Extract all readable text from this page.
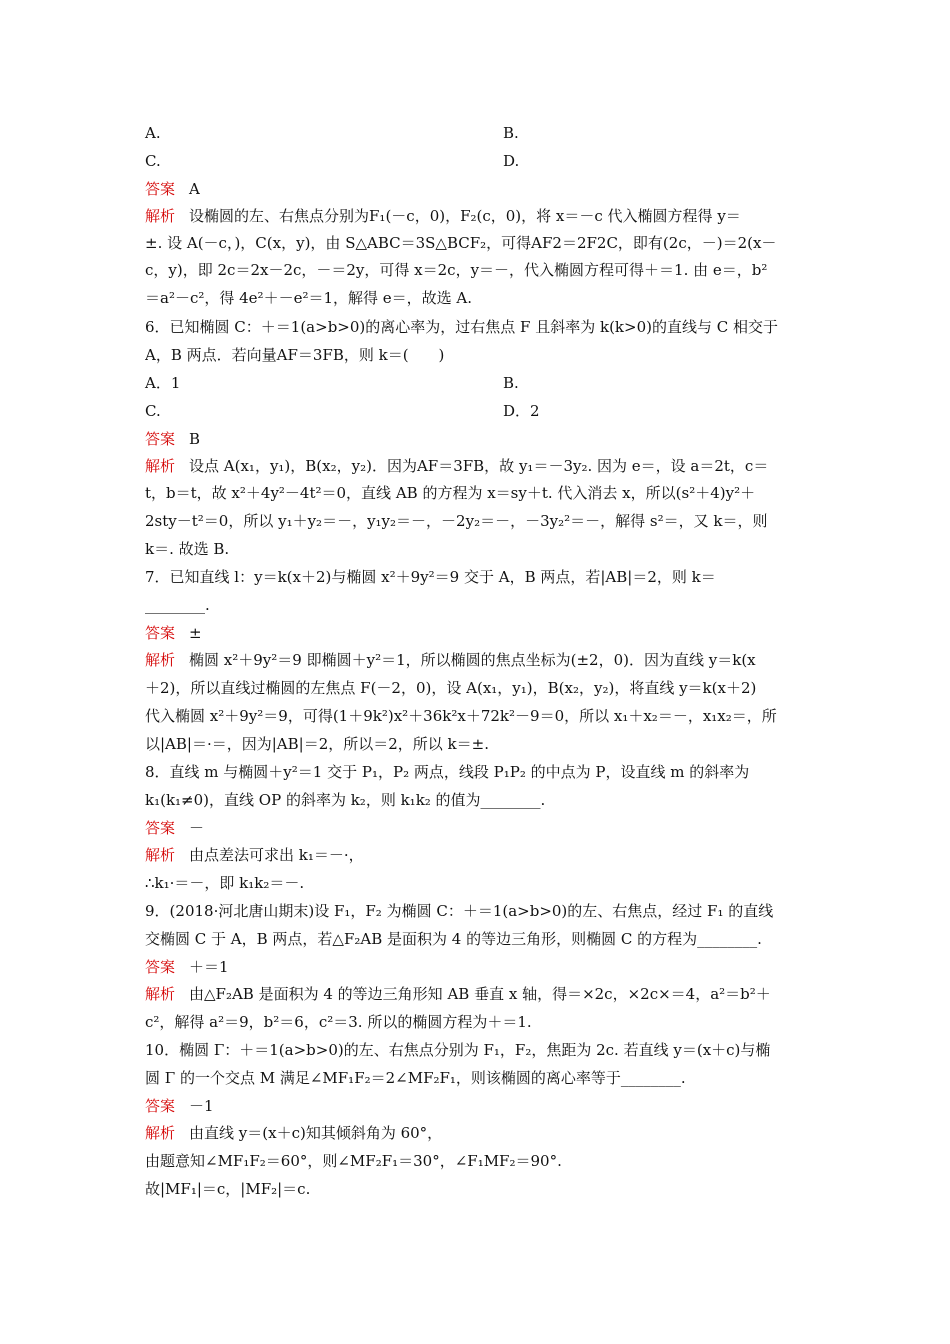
A.	B.
C.	D.
答案 A
解析 设椭圆的左、右焦点分别为F₁(－c，0)，F₂(c，0)，将 x＝－c 代入椭圆方程得 y＝
±. 设 A(－c，)，C(x，y)，由 S△ABC＝3S△BCF₂，可得AF2＝2F2C，即有(2c，－)＝2(x－
c，y)，即 2c＝2x－2c，－＝2y，可得 x＝2c，y＝－，代入椭圆方程可得＋＝1. 由 e＝，b²
＝a²－c²，得 4e²＋－e²＝1，解得 e＝，故选 A.
6．已知椭圆 C：＋＝1(a>b>0)的离心率为，过右焦点 F 且斜率为 k(k>0)的直线与 C 相交于
A，B 两点．若向量AF＝3FB，则 k＝(　　)
A．1	B.
C.	D．2
答案 B
解析 设点 A(x₁，y₁)，B(x₂，y₂)．因为AF＝3FB，故 y₁＝－3y₂. 因为 e＝，设 a＝2t，c＝
t，b＝t，故 x²＋4y²－4t²＝0，直线 AB 的方程为 x＝sy＋t. 代入消去 x，所以(s²＋4)y²＋
2sty－t²＝0，所以 y₁＋y₂＝－，y₁y₂＝－，－2y₂＝－，－3y₂²＝－，解得 s²＝，又 k＝，则
k＝. 故选 B.
7．已知直线 l：y＝k(x＋2)与椭圆 x²＋9y²＝9 交于 A，B 两点，若|AB|＝2，则 k＝
________.
答案 ±
解析 椭圆 x²＋9y²＝9 即椭圆＋y²＝1，所以椭圆的焦点坐标为(±2，0)．因为直线 y＝k(x
＋2)，所以直线过椭圆的左焦点 F(－2，0)，设 A(x₁，y₁)，B(x₂，y₂)，将直线 y＝k(x＋2)
代入椭圆 x²＋9y²＝9，可得(1＋9k²)x²＋36k²x＋72k²－9＝0，所以 x₁＋x₂＝－，x₁x₂＝，所
以|AB|＝·＝，因为|AB|＝2，所以＝2，所以 k＝±.
8．直线 m 与椭圆＋y²＝1 交于 P₁，P₂ 两点，线段 P₁P₂ 的中点为 P，设直线 m 的斜率为
k₁(k₁≠0)，直线 OP 的斜率为 k₂，则 k₁k₂ 的值为________.
答案 －
解析 由点差法可求出 k₁＝－·，
∴k₁·＝－，即 k₁k₂＝－.
9．(2018·河北唐山期末)设 F₁，F₂ 为椭圆 C：＋＝1(a>b>0)的左、右焦点，经过 F₁ 的直线
交椭圆 C 于 A，B 两点，若△F₂AB 是面积为 4 的等边三角形，则椭圆 C 的方程为________.
答案 ＋＝1
解析 由△F₂AB 是面积为 4 的等边三角形知 AB 垂直 x 轴，得＝×2c，×2c×＝4，a²＝b²＋
c²，解得 a²＝9，b²＝6，c²＝3. 所以的椭圆方程为＋＝1.
10．椭圆 Γ：＋＝1(a>b>0)的左、右焦点分别为 F₁，F₂，焦距为 2c. 若直线 y＝(x＋c)与椭
圆 Γ 的一个交点 M 满足∠MF₁F₂＝2∠MF₂F₁，则该椭圆的离心率等于________.
答案 －1
解析 由直线 y＝(x＋c)知其倾斜角为 60°，
由题意知∠MF₁F₂＝60°，则∠MF₂F₁＝30°，∠F₁MF₂＝90°.
故|MF₁|＝c，|MF₂|＝c.
